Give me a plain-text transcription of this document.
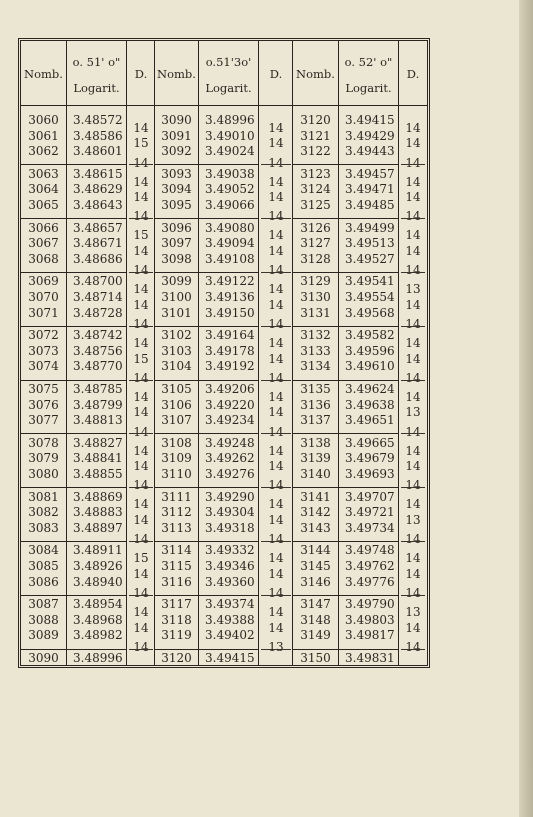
Nomb.
3060
3061
3062
3063
3064
3065
3066
3067
3068
3069
3070
3071
3072
3073
3074
3075
3076
3077
3078
3079
3080
3081
3082
3083
3084
3085
3086
3087
3088
3089
3090
o. 51' o"
Logarit.
3.48572
3.48586
3.48601
3.48615
3.48629
3.48643
3.48657
3.48671
3.48686
3.48700
3.48714
3.48728
3.48742
3.48756
3.48770
3.48785
3.48799
3.48813
3.48827
3.48841
3.48855
3.48869
3.48883
3.48897
3.48911
3.48926
3.48940
3.48954
3.48968
3.48982
3.48996
D.
14
15
14
14
14
14
15
14
14
14
14
14
14
15
14
14
14
14
14
14
14
14
14
14
15
14
14
14
14
14
Nomb.
3090
3091
3092
3093
3094
3095
3096
3097
3098
3099
3100
3101
3102
3103
3104
3105
3106
3107
3108
3109
3110
3111
3112
3113
3114
3115
3116
3117
3118
3119
3120
o.51'3o'
Logarit.
3.48996
3.49010
3.49024
3.49038
3.49052
3.49066
3.49080
3.49094
3.49108
3.49122
3.49136
3.49150
3.49164
3.49178
3.49192
3.49206
3.49220
3.49234
3.49248
3.49262
3.49276
3.49290
3.49304
3.49318
3.49332
3.49346
3.49360
3.49374
3.49388
3.49402
3.49415
D.
14
14
14
14
14
14
14
14
14
14
14
14
14
14
14
14
14
14
14
14
14
14
14
14
14
14
14
14
14
13
Nomb.
3120
3121
3122
3123
3124
3125
3126
3127
3128
3129
3130
3131
3132
3133
3134
3135
3136
3137
3138
3139
3140
3141
3142
3143
3144
3145
3146
3147
3148
3149
3150
o. 52' o"
Logarit.
3.49415
3.49429
3.49443
3.49457
3.49471
3.49485
3.49499
3.49513
3.49527
3.49541
3.49554
3.49568
3.49582
3.49596
3.49610
3.49624
3.49638
3.49651
3.49665
3.49679
3.49693
3.49707
3.49721
3.49734
3.49748
3.49762
3.49776
3.49790
3.49803
3.49817
3.49831
D.
14
14
14
14
14
14
14
14
14
13
14
14
14
14
14
14
13
14
14
14
14
14
13
14
14
14
14
13
14
14
